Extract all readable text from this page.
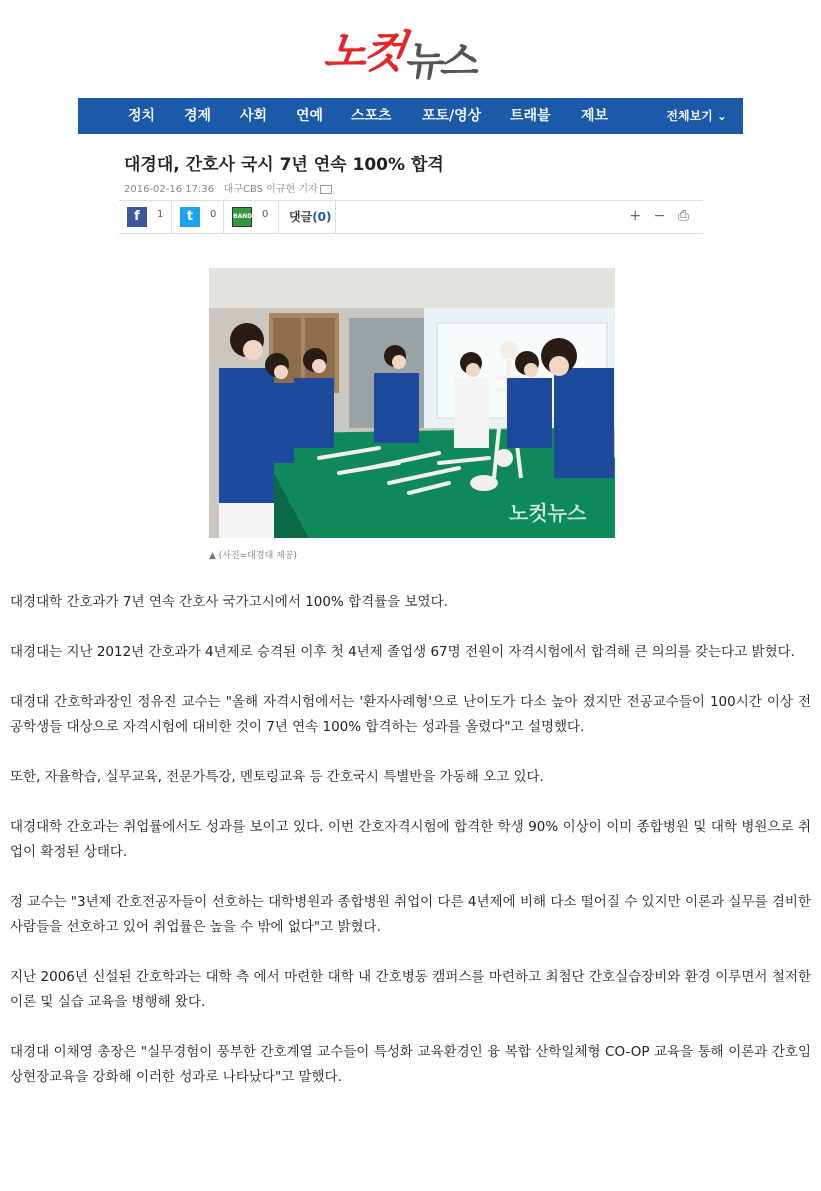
노컷
뉴스
정치 경제 사회 연예 스포츠 포토/영상 트래블 제보	전체보기 ⌄
대경대, 간호사 국시 7년 연속 100% 합격
2016-02-16 17:36 대구CBS 이규현 기자
f	1	t	0	BAND 0 댓글(0)	+ − ⎙
노컷뉴스
▲ (사진=대경대 제공)

대경대학 간호과가 7년 연속 간호사 국가고시에서 100% 합격률을 보였다.

대경대는 지난 2012년 간호과가 4년제로 승격된 이후 첫 4년제 졸업생 67명 전원이 자격시험에서 합격해 큰 의의를 갖는다고 밝혔다.

대경대 간호학과장인 정유진 교수는 "올해 자격시험에서는 '환자사례형'으로 난이도가 다소 높아 졌지만 전공교수들이 100시간 이상 전공학생들 대상으로 자격시험에 대비한 것이 7년 연속 100% 합격하는 성과를 올렸다"고 설명했다.

또한, 자율학습, 실무교육, 전문가특강, 멘토링교육 등 간호국시 특별반을 가동해 오고 있다.

대경대학 간호과는 취업률에서도 성과를 보이고 있다. 이번 간호자격시험에 합격한 학생 90% 이상이 이미 종합병원 및 대학 병원으로 취업이 확정된 상태다.

정 교수는 "3년제 간호전공자들이 선호하는 대학병원과 종합병원 취업이 다른 4년제에 비해 다소 떨어질 수 있지만 이론과 실무를 겸비한 사람들을 선호하고 있어 취업률은 높을 수 밖에 없다"고 밝혔다.

지난 2006년 신설된 간호학과는 대학 측 에서 마련한 대학 내 간호병동 캠퍼스를 마련하고 최첨단 간호실습장비와 환경 이루면서 철저한 이론 및 실습 교육을 병행해 왔다.

대경대 이채영 총장은 "실무경험이 풍부한 간호계열 교수들이 특성화 교육환경인 융 복합 산학일체형 CO-OP 교육을 통해 이론과 간호임상현장교육을 강화해 이러한 성과로 나타났다"고 말했다.
